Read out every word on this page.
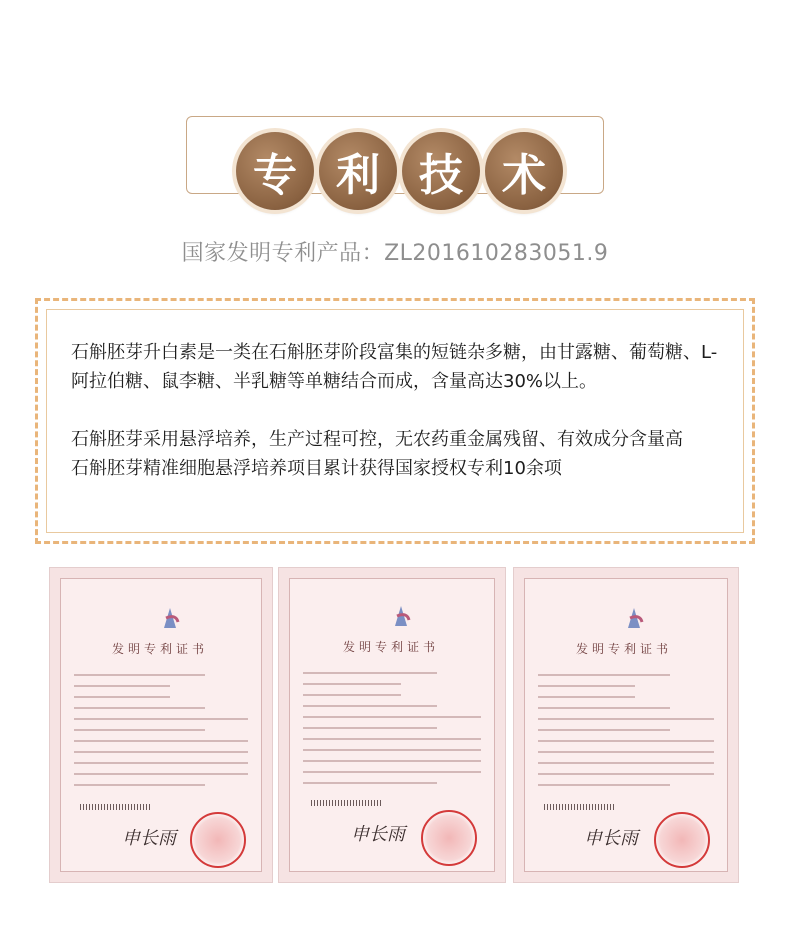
专 利 技 术
国家发明专利产品：ZL201610283051.9

石斛胚芽升白素是一类在石斛胚芽阶段富集的短链杂多糖，由甘露糖、葡萄糖、L-阿拉伯糖、鼠李糖、半乳糖等单糖结合而成，含量高达30%以上。

石斛胚芽采用悬浮培养，生产过程可控，无农药重金属残留、有效成分含量高

石斛胚芽精准细胞悬浮培养项目累计获得国家授权专利10余项

发明专利证书
申长雨
发明专利证书
申长雨
发明专利证书
申长雨
